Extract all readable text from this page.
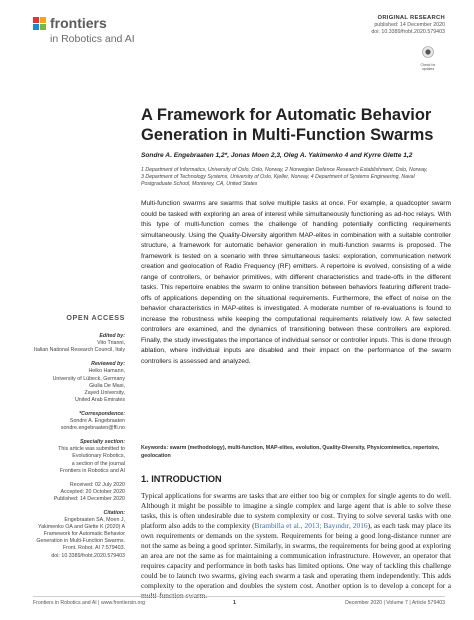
frontiers
in Robotics and AI
ORIGINAL RESEARCH
published: 14 December 2020
doi: 10.3389/frobt.2020.579403
Check for updates
A Framework for Automatic Behavior Generation in Multi-Function Swarms
Sondre A. Engebraaten 1,2*, Jonas Moen 2,3, Oleg A. Yakimenko 4 and Kyrre Glette 1,2

1 Department of Informatics, University of Oslo, Oslo, Norway, 2 Norwegian Defence Research Establishment, Oslo, Norway,

3 Department of Technology Systems, University of Oslo, Kjeller, Norway, 4 Department of Systems Engineering, Naval

Postgraduate School, Monterey, CA, United States

Multi-function swarms are swarms that solve multiple tasks at once. For example, a quadcopter swarm could be tasked with exploring an area of interest while simultaneously functioning as ad-hoc relays. With this type of multi-function comes the challenge of handling potentially conflicting requirements simultaneously. Using the Quality-Diversity algorithm MAP-elites in combination with a suitable controller structure, a framework for automatic behavior generation in multi-function swarms is proposed. The framework is tested on a scenario with three simultaneous tasks: exploration, communication network creation and geolocation of Radio Frequency (RF) emitters. A repertoire is evolved, consisting of a wide range of controllers, or behavior primitives, with different characteristics and trade-offs in the different tasks. This repertoire enables the swarm to online transition between behaviors featuring different trade-offs of applications depending on the situational requirements. Furthermore, the effect of noise on the behavior characteristics in MAP-elites is investigated. A moderate number of re-evaluations is found to increase the robustness while keeping the computational requirements relatively low. A few selected controllers are examined, and the dynamics of transitioning between these controllers are explored. Finally, the study investigates the importance of individual sensor or controller inputs. This is done through ablation, where individual inputs are disabled and their impact on the performance of the swarm controllers is assessed and analyzed.

Keywords: swarm (methodology), multi-function, MAP-elites, evolution, Quality-Diversity, Physicomimetics, repertoire, geolocation
OPEN ACCESS
Edited by:
Vito Trianni,
Italian National Research Council, Italy
Reviewed by:
Heiko Hamann,
University of Lübeck, Germany
Giulia De Masi,
Zayed University,
United Arab Emirates
*Correspondence:
Sondre A. Engebraaten
sondre.engebraaten@ffi.no
Specialty section:
This article was submitted to
Evolutionary Robotics,
a section of the journal
Frontiers in Robotics and AI
Received: 02 July 2020
Accepted: 20 October 2020
Published: 14 December 2020
Citation:
Engebraaten SA, Moen J,
Yakimenko OA and Glette K (2020) A
Framework for Automatic Behavior
Generation in Multi-Function Swarms.
Front. Robot. AI 7:579403.
doi: 10.3389/frobt.2020.579403
1. INTRODUCTION

Typical applications for swarms are tasks that are either too big or complex for single agents to do well. Although it might be possible to imagine a single complex and large agent that is able to solve these tasks, this is often undesirable due to system complexity or cost. Trying to solve several tasks with one platform also adds to the complexity (Brambilla et al., 2013; Bayındır, 2016), as each task may place its own requirements or demands on the system. Requirements for being a good long-distance runner are not the same as being a good sprinter. Similarly, in swarms, the requirements for being good at exploring an area are not the same as for maintaining a communication infrastructure. However, an operator that requires capacity and performance in both tasks has limited options. One way of tackling this challenge could be to launch two swarms, giving each swarm a task and operating them independently. This adds complexity to the operation and doubles the system cost. Another option is to develop a concept for a

Frontiers in Robotics and AI | www.frontiersin.org	1	December 2020 | Volume 7 | Article 579403
